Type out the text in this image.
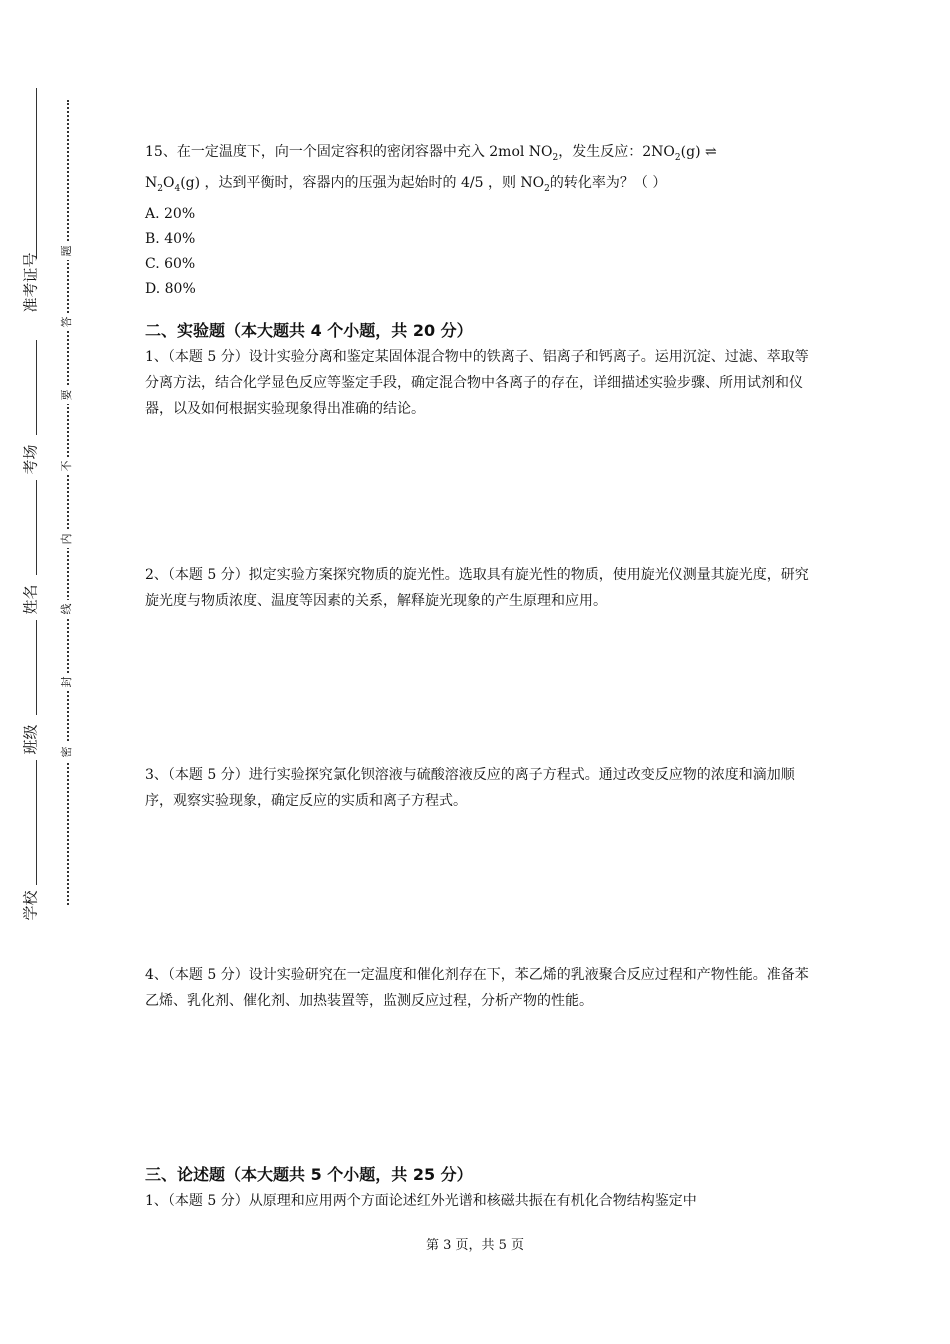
学校
班级
姓名
考场
准考证号
题
答
要
不
内
线
封
密

15、在一定温度下，向一个固定容积的密闭容器中充入 2mol $NO_2$，发生反应：$2NO_2(g)$ ⇌
$N_2O_4(g)$ ，达到平衡时，容器内的压强为起始时的 4/5 ，则 $NO_2$的转化率为？（ ）

A. 20%

B. 40%

C. 60%

D. 80%

二、实验题（本大题共 4 个小题，共 20 分）

1、（本题 5 分）设计实验分离和鉴定某固体混合物中的铁离子、铝离子和钙离子。运用沉淀、过滤、萃取等分离方法，结合化学显色反应等鉴定手段，确定混合物中各离子的存在，详细描述实验步骤、所用试剂和仪器，以及如何根据实验现象得出准确的结论。

2、（本题 5 分）拟定实验方案探究物质的旋光性。选取具有旋光性的物质，使用旋光仪测量其旋光度，研究旋光度与物质浓度、温度等因素的关系，解释旋光现象的产生原理和应用。

3、（本题 5 分）进行实验探究氯化钡溶液与硫酸溶液反应的离子方程式。通过改变反应物的浓度和滴加顺序，观察实验现象，确定反应的实质和离子方程式。

4、（本题 5 分）设计实验研究在一定温度和催化剂存在下，苯乙烯的乳液聚合反应过程和产物性能。准备苯乙烯、乳化剂、催化剂、加热装置等，监测反应过程，分析产物的性能。

三、论述题（本大题共 5 个小题，共 25 分）

1、（本题 5 分）从原理和应用两个方面论述红外光谱和核磁共振在有机化合物结构鉴定中

第 3 页，共 5 页
